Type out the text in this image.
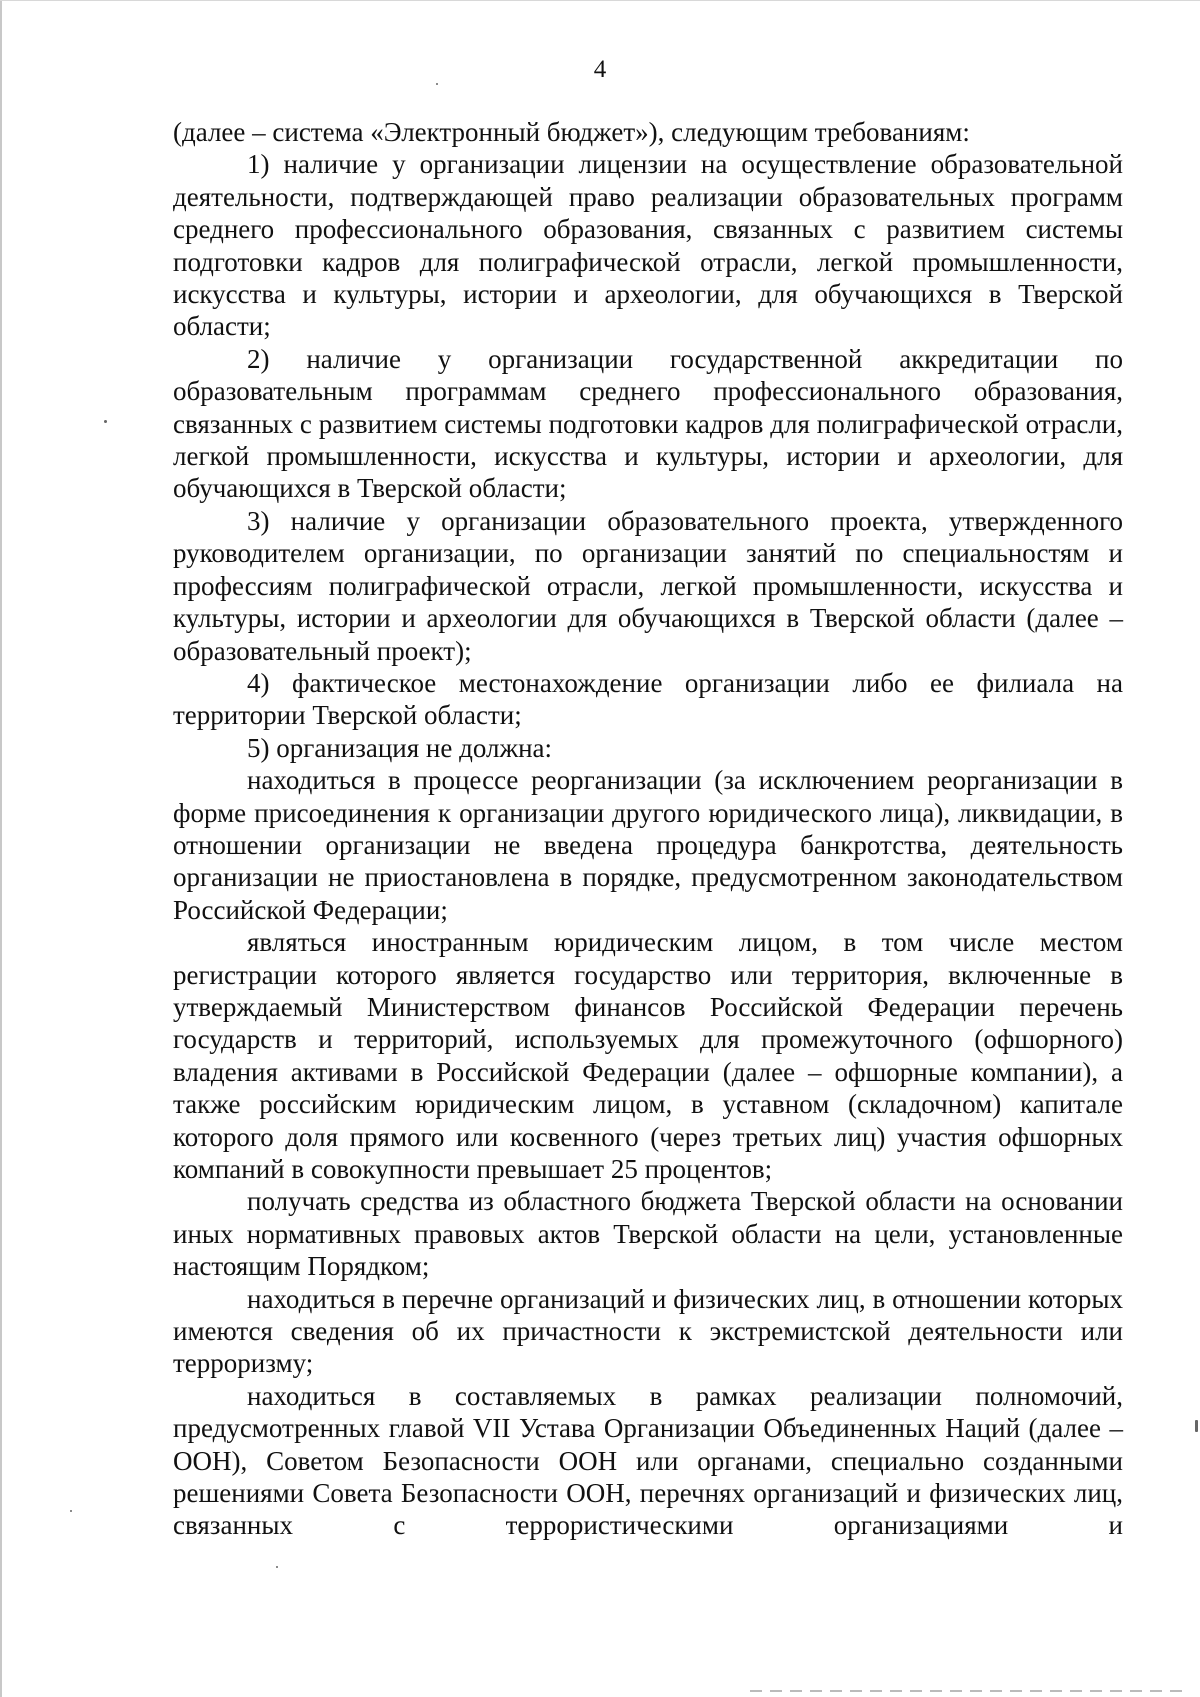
4

(далее – система «Электронный бюджет»), следующим требованиям:

1) наличие у организации лицензии на осуществление образовательной деятельности, подтверждающей право реализации образовательных программ среднего профессионального образования, связанных с развитием системы подготовки кадров для полиграфической отрасли, легкой промышленности, искусства и культуры, истории и археологии, для обучающихся в Тверской области;

2) наличие у организации государственной аккредитации по образовательным программам среднего профессионального образования, связанных с развитием системы подготовки кадров для полиграфической отрасли, легкой промышленности, искусства и культуры, истории и археологии, для обучающихся в Тверской области;

3) наличие у организации образовательного проекта, утвержденного руководителем организации, по организации занятий по специальностям и профессиям полиграфической отрасли, легкой промышленности, искусства и культуры, истории и археологии для обучающихся в Тверской области (далее – образовательный проект);

4) фактическое местонахождение организации либо ее филиала на территории Тверской области;

5) организация не должна:

находиться в процессе реорганизации (за исключением реорганизации в форме присоединения к организации другого юридического лица), ликвидации, в отношении организации не введена процедура банкротства, деятельность организации не приостановлена в порядке, предусмотренном законодательством Российской Федерации;

являться иностранным юридическим лицом, в том числе местом регистрации которого является государство или территория, включенные в утверждаемый Министерством финансов Российской Федерации перечень государств и территорий, используемых для промежуточного (офшорного) владения активами в Российской Федерации (далее – офшорные компании), а также российским юридическим лицом, в уставном (складочном) капитале которого доля прямого или косвенного (через третьих лиц) участия офшорных компаний в совокупности превышает 25 процентов;

получать средства из областного бюджета Тверской области на основании иных нормативных правовых актов Тверской области на цели, установленные настоящим Порядком;

находиться в перечне организаций и физических лиц, в отношении которых имеются сведения об их причастности к экстремистской деятельности или терроризму;

находиться в составляемых в рамках реализации полномочий, предусмотренных главой VII Устава Организации Объединенных Наций (далее – ООН), Советом Безопасности ООН или органами, специально созданными решениями Совета Безопасности ООН, перечнях организаций и физических лиц, связанных с террористическими организациями и
